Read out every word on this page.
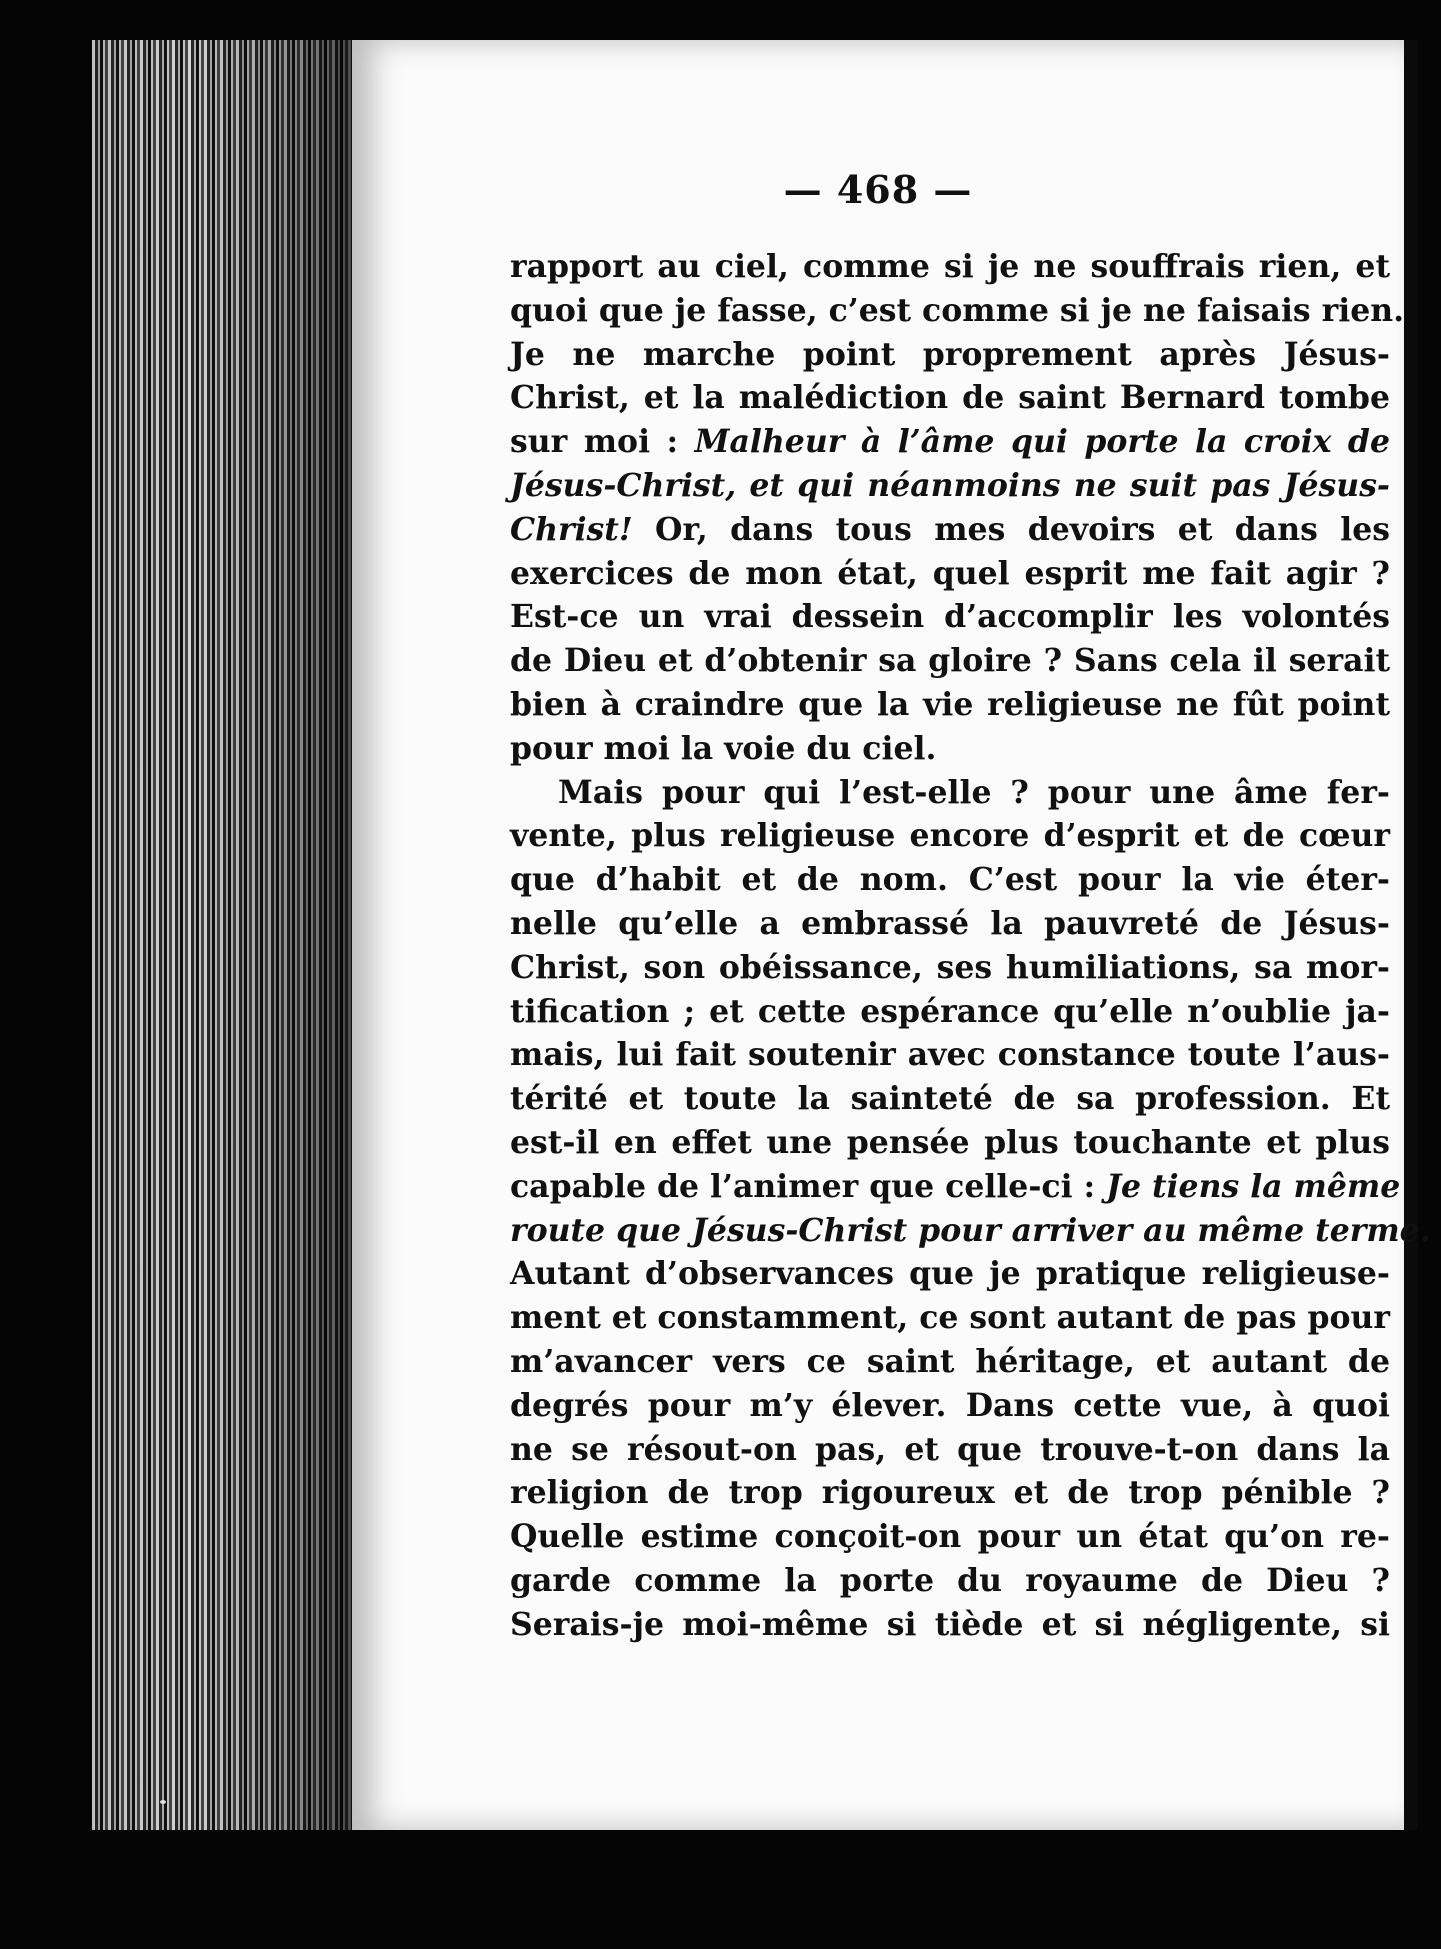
— 468 —
rapport au ciel, comme si je ne souffrais rien, et
quoi que je fasse, c’est comme si je ne faisais rien.
Je ne marche point proprement après Jésus-
Christ, et la malédiction de saint Bernard tombe
sur moi : Malheur à l’âme qui porte la croix de
Jésus-Christ, et qui néanmoins ne suit pas Jésus-
Christ! Or, dans tous mes devoirs et dans les
exercices de mon état, quel esprit me fait agir ?
Est-ce un vrai dessein d’accomplir les volontés
de Dieu et d’obtenir sa gloire ? Sans cela il serait
bien à craindre que la vie religieuse ne fût point
pour moi la voie du ciel.
Mais pour qui l’est-elle ? pour une âme fer-
vente, plus religieuse encore d’esprit et de cœur
que d’habit et de nom. C’est pour la vie éter-
nelle qu’elle a embrassé la pauvreté de Jésus-
Christ, son obéissance, ses humiliations, sa mor-
tification ; et cette espérance qu’elle n’oublie ja-
mais, lui fait soutenir avec constance toute l’aus-
térité et toute la sainteté de sa profession. Et
est-il en effet une pensée plus touchante et plus
capable de l’animer que celle-ci : Je tiens la même
route que Jésus-Christ pour arriver au même terme.
Autant d’observances que je pratique religieuse-
ment et constamment, ce sont autant de pas pour
m’avancer vers ce saint héritage, et autant de
degrés pour m’y élever. Dans cette vue, à quoi
ne se résout-on pas, et que trouve-t-on dans la
religion de trop rigoureux et de trop pénible ?
Quelle estime conçoit-on pour un état qu’on re-
garde comme la porte du royaume de Dieu ?
Serais-je moi-même si tiède et si négligente, si
